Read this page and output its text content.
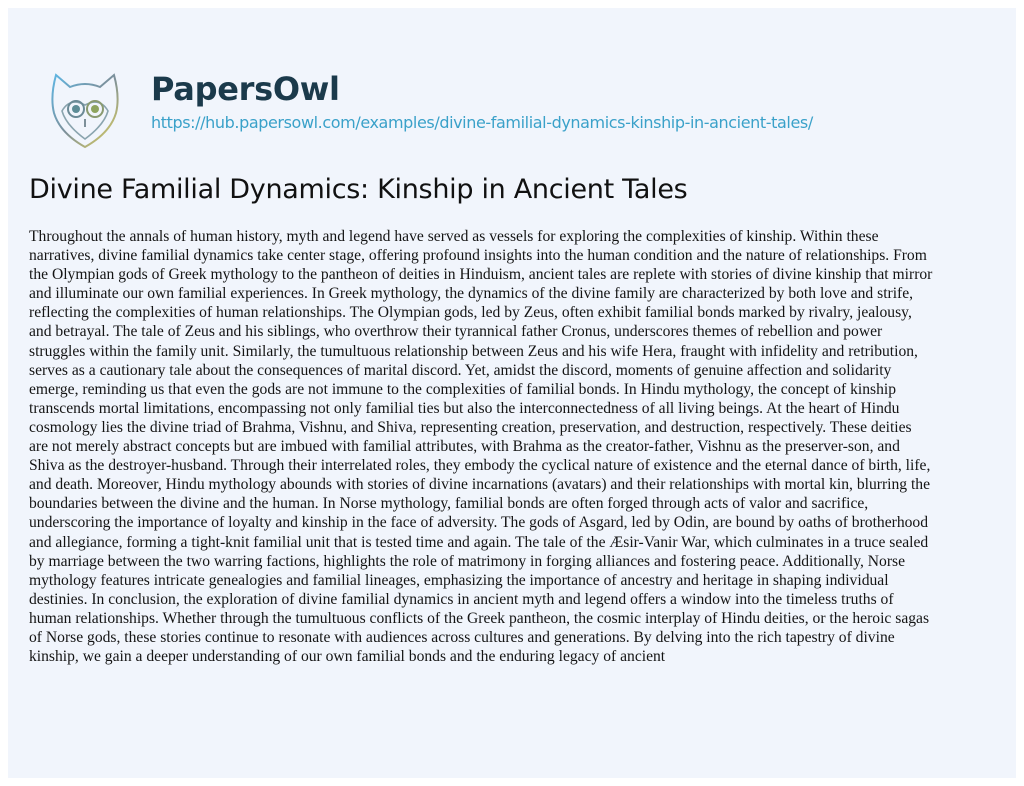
PapersOwl
https://hub.papersowl.com/examples/divine-familial-dynamics-kinship-in-ancient-tales/
Divine Familial Dynamics: Kinship in Ancient Tales

Throughout the annals of human history, myth and legend have served as vessels for exploring the complexities of kinship. Within these
narratives, divine familial dynamics take center stage, offering profound insights into the human condition and the nature of relationships. From
the Olympian gods of Greek mythology to the pantheon of deities in Hinduism, ancient tales are replete with stories of divine kinship that mirror
and illuminate our own familial experiences. In Greek mythology, the dynamics of the divine family are characterized by both love and strife,
reflecting the complexities of human relationships. The Olympian gods, led by Zeus, often exhibit familial bonds marked by rivalry, jealousy,
and betrayal. The tale of Zeus and his siblings, who overthrow their tyrannical father Cronus, underscores themes of rebellion and power
struggles within the family unit. Similarly, the tumultuous relationship between Zeus and his wife Hera, fraught with infidelity and retribution,
serves as a cautionary tale about the consequences of marital discord. Yet, amidst the discord, moments of genuine affection and solidarity
emerge, reminding us that even the gods are not immune to the complexities of familial bonds. In Hindu mythology, the concept of kinship
transcends mortal limitations, encompassing not only familial ties but also the interconnectedness of all living beings. At the heart of Hindu
cosmology lies the divine triad of Brahma, Vishnu, and Shiva, representing creation, preservation, and destruction, respectively. These deities
are not merely abstract concepts but are imbued with familial attributes, with Brahma as the creator-father, Vishnu as the preserver-son, and
Shiva as the destroyer-husband. Through their interrelated roles, they embody the cyclical nature of existence and the eternal dance of birth, life,
and death. Moreover, Hindu mythology abounds with stories of divine incarnations (avatars) and their relationships with mortal kin, blurring the
boundaries between the divine and the human. In Norse mythology, familial bonds are often forged through acts of valor and sacrifice,
underscoring the importance of loyalty and kinship in the face of adversity. The gods of Asgard, led by Odin, are bound by oaths of brotherhood
and allegiance, forming a tight-knit familial unit that is tested time and again. The tale of the Æsir-Vanir War, which culminates in a truce sealed
by marriage between the two warring factions, highlights the role of matrimony in forging alliances and fostering peace. Additionally, Norse
mythology features intricate genealogies and familial lineages, emphasizing the importance of ancestry and heritage in shaping individual
destinies. In conclusion, the exploration of divine familial dynamics in ancient myth and legend offers a window into the timeless truths of
human relationships. Whether through the tumultuous conflicts of the Greek pantheon, the cosmic interplay of Hindu deities, or the heroic sagas
of Norse gods, these stories continue to resonate with audiences across cultures and generations. By delving into the rich tapestry of divine
kinship, we gain a deeper understanding of our own familial bonds and the enduring legacy of ancient
